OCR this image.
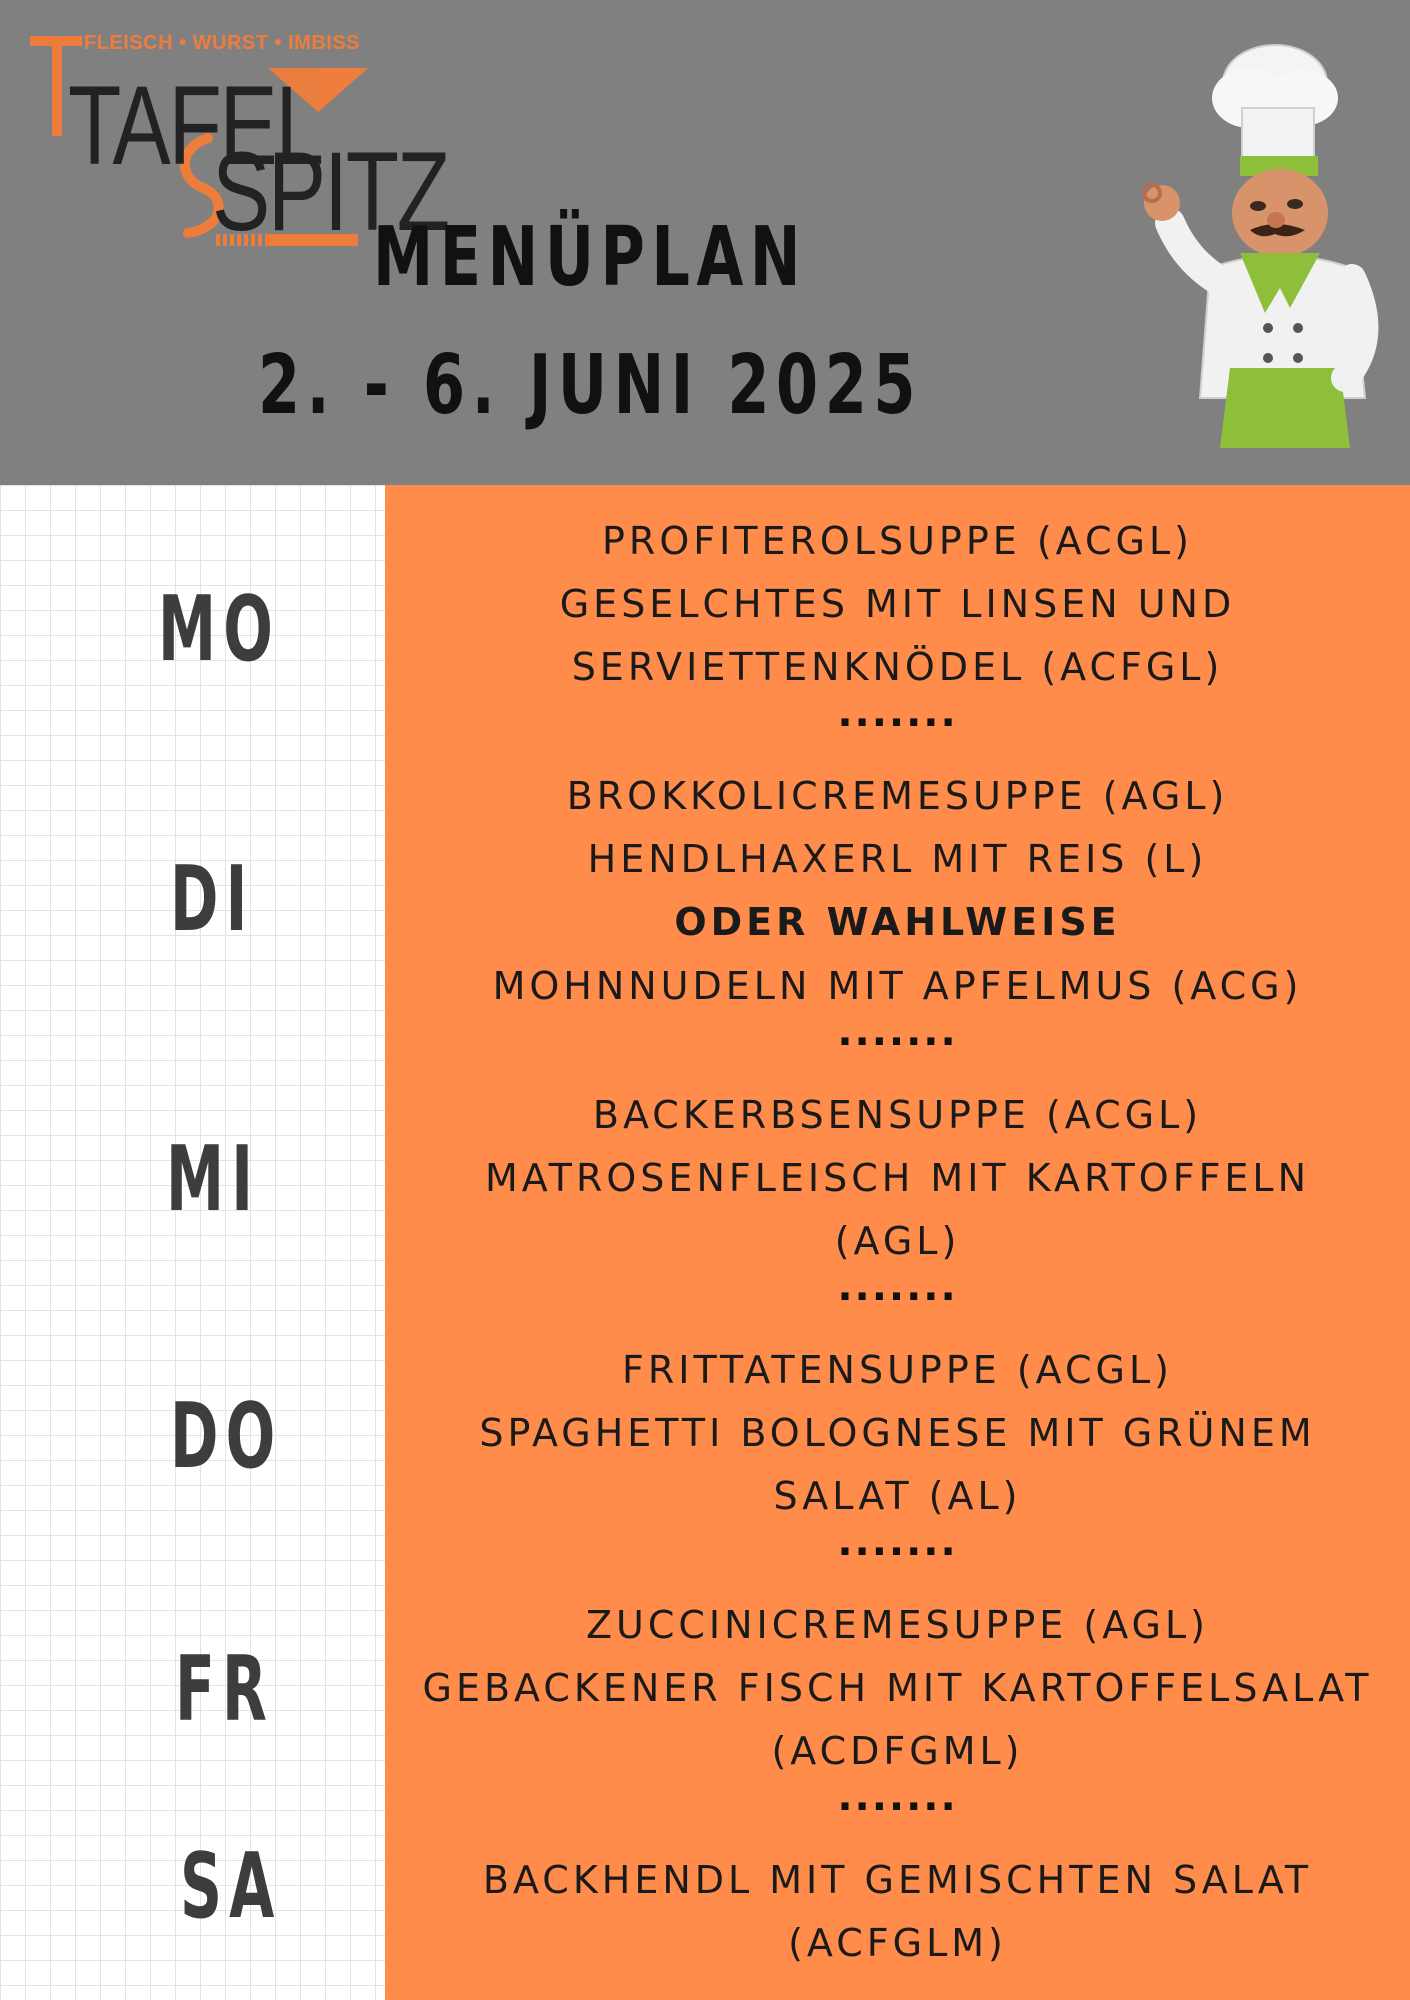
FLEISCH • WURST • IMBISS
TAFEL
SPITZ
MENÜPLAN
2. - 6. JUNI 2025
MO
DI
MI
DO
FR
SA
PROFITEROLSUPPE (ACGL)
GESELCHTES MIT LINSEN UND
SERVIETTENKNÖDEL (ACFGL)
·······
BROKKOLICREMESUPPE (AGL)
HENDLHAXERL MIT REIS (L)
ODER WAHLWEISE
MOHNNUDELN MIT APFELMUS (ACG)
·······
BACKERBSENSUPPE (ACGL)
MATROSENFLEISCH MIT KARTOFFELN
(AGL)
·······
FRITTATENSUPPE (ACGL)
SPAGHETTI BOLOGNESE MIT GRÜNEM
SALAT (AL)
·······
ZUCCINICREMESUPPE (AGL)
GEBACKENER FISCH MIT KARTOFFELSALAT
(ACDFGML)
·······
BACKHENDL MIT GEMISCHTEN SALAT
(ACFGLM)
